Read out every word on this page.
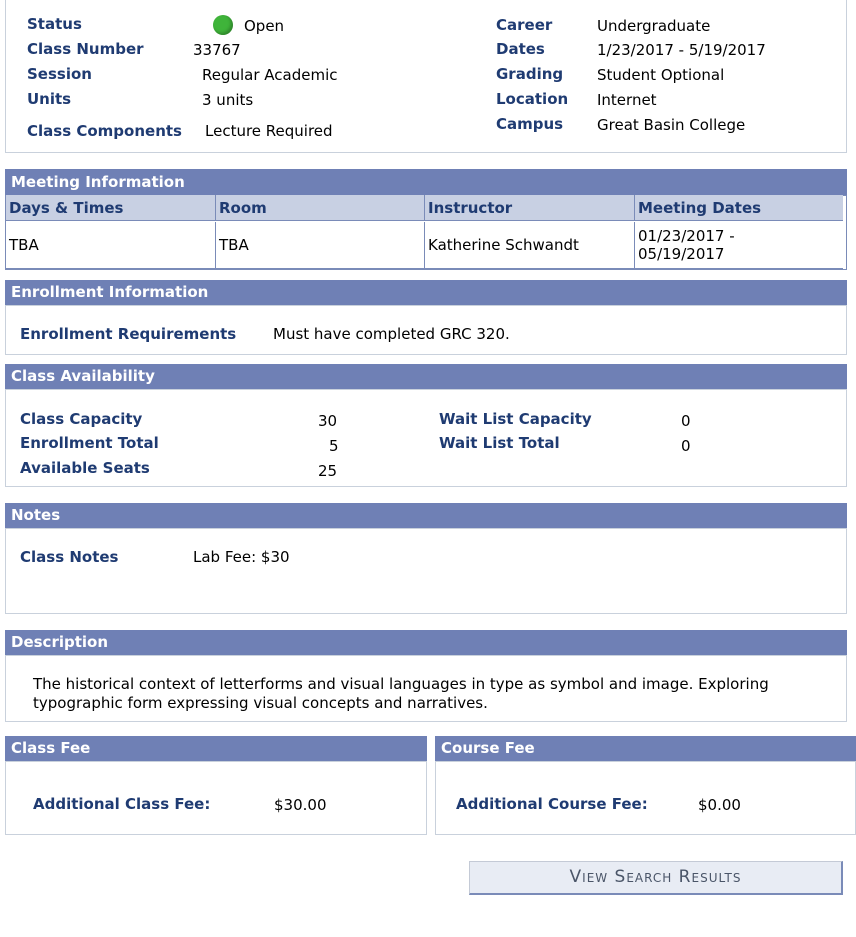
Status	Open
Class Number	33767
Session	Regular Academic
Units	3 units
Class Components Lecture Required
Career	Undergraduate
Dates	1/23/2017 - 5/19/2017
Grading Student Optional
Location Internet
Campus Great Basin College
Meeting Information
Days & Times	Room	Instructor	Meeting Dates
TBA	TBA	Katherine Schwandt	01/23/2017 -
05/19/2017
Enrollment Information
Enrollment Requirements Must have completed GRC 320.
Class Availability
Class Capacity	30
Enrollment Total	5
Available Seats	25
Wait List Capacity	0
Wait List Total	0
Notes
Class Notes	Lab Fee: $30
Description
The historical context of letterforms and visual languages in type as symbol and image. Exploring typographic form expressing visual concepts and narratives.
Class Fee
Additional Class Fee:	$30.00
Course Fee
Additional Course Fee:	$0.00
View Search Results
